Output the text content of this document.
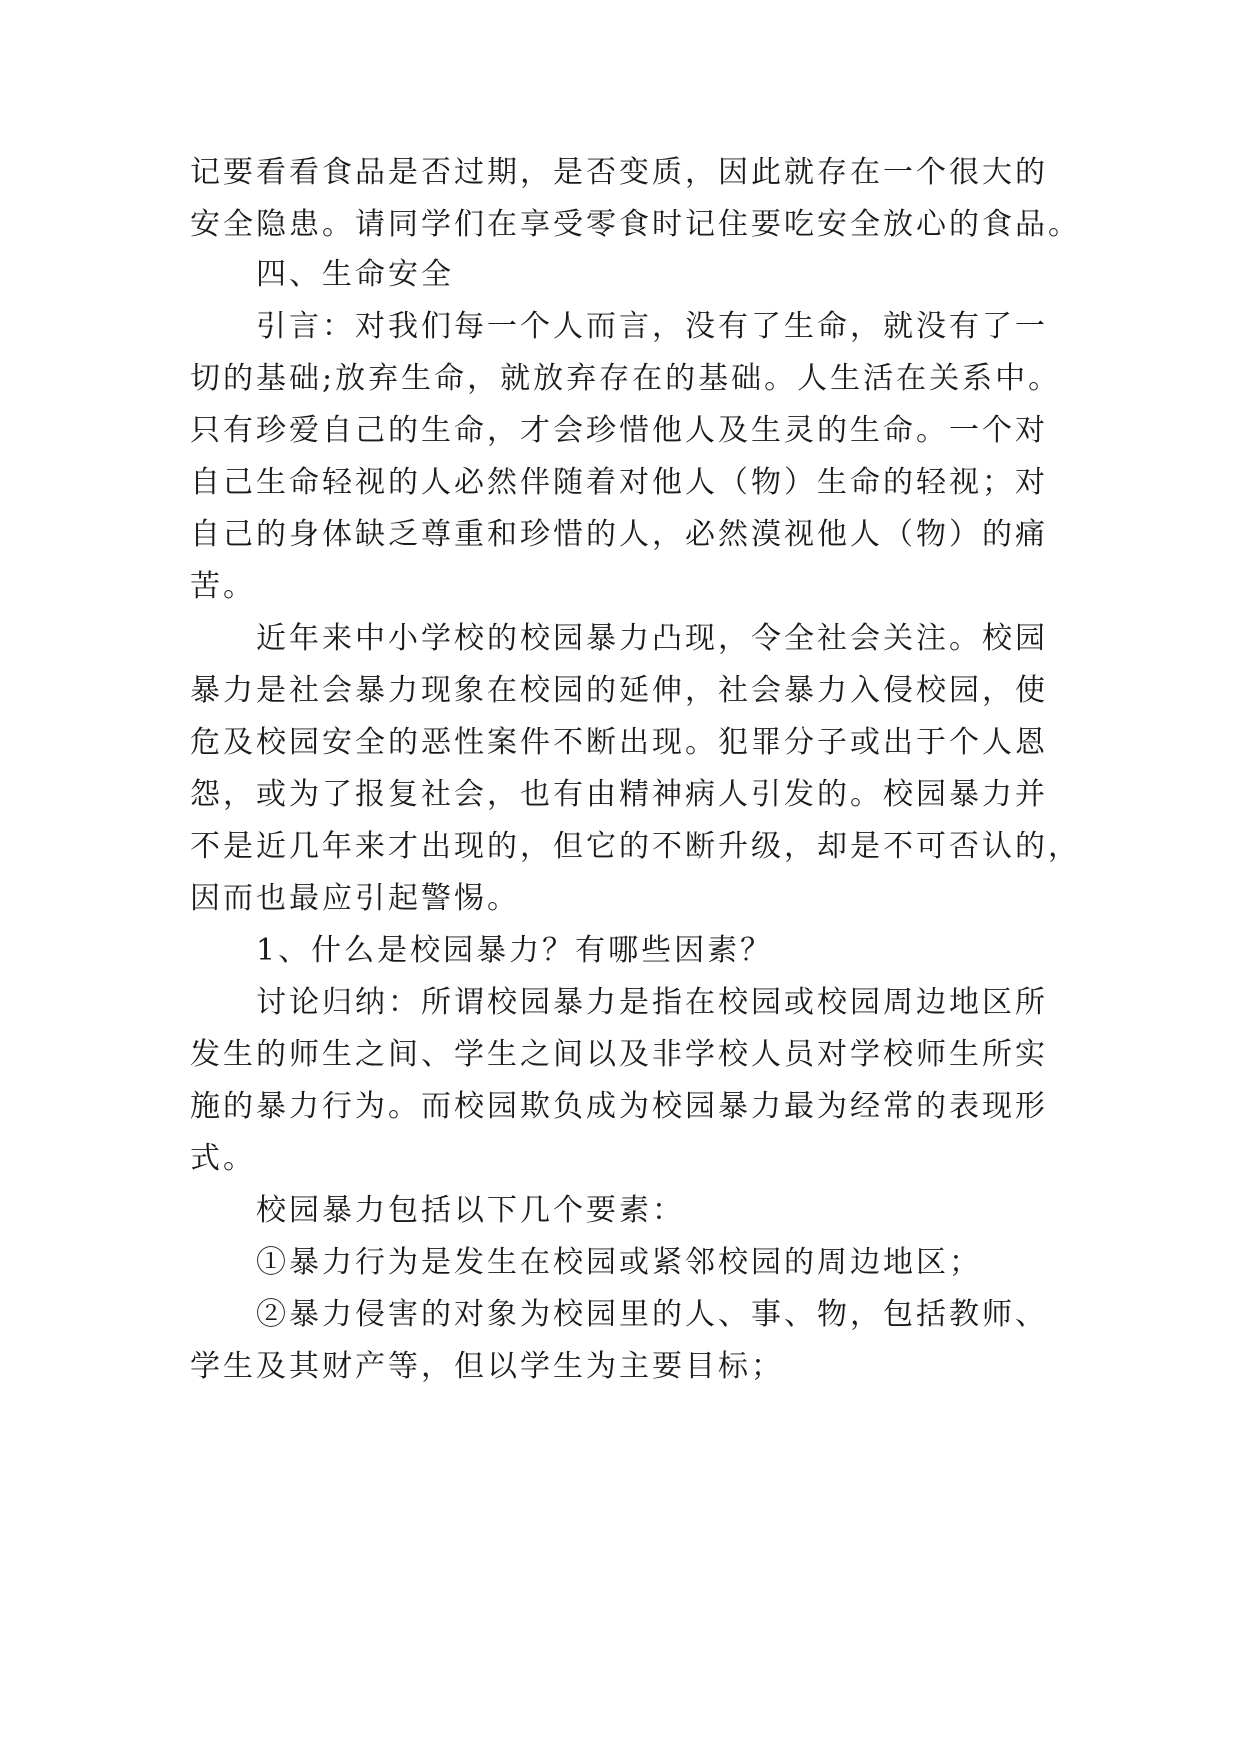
记要看看食品是否过期，是否变质，因此就存在一个很大的

安全隐患。请同学们在享受零食时记住要吃安全放心的食品。

四、生命安全

引言：对我们每一个人而言，没有了生命，就没有了一

切的基础;放弃生命，就放弃存在的基础。人生活在关系中。

只有珍爱自己的生命，才会珍惜他人及生灵的生命。一个对

自己生命轻视的人必然伴随着对他人（物）生命的轻视；对

自己的身体缺乏尊重和珍惜的人，必然漠视他人（物）的痛

苦。

近年来中小学校的校园暴力凸现，令全社会关注。校园

暴力是社会暴力现象在校园的延伸，社会暴力入侵校园，使

危及校园安全的恶性案件不断出现。犯罪分子或出于个人恩

怨，或为了报复社会，也有由精神病人引发的。校园暴力并

不是近几年来才出现的，但它的不断升级，却是不可否认的，

因而也最应引起警惕。

1、什么是校园暴力？有哪些因素？

讨论归纳：所谓校园暴力是指在校园或校园周边地区所

发生的师生之间、学生之间以及非学校人员对学校师生所实

施的暴力行为。而校园欺负成为校园暴力最为经常的表现形

式。

校园暴力包括以下几个要素：

①暴力行为是发生在校园或紧邻校园的周边地区；

②暴力侵害的对象为校园里的人、事、物，包括教师、

学生及其财产等，但以学生为主要目标；
